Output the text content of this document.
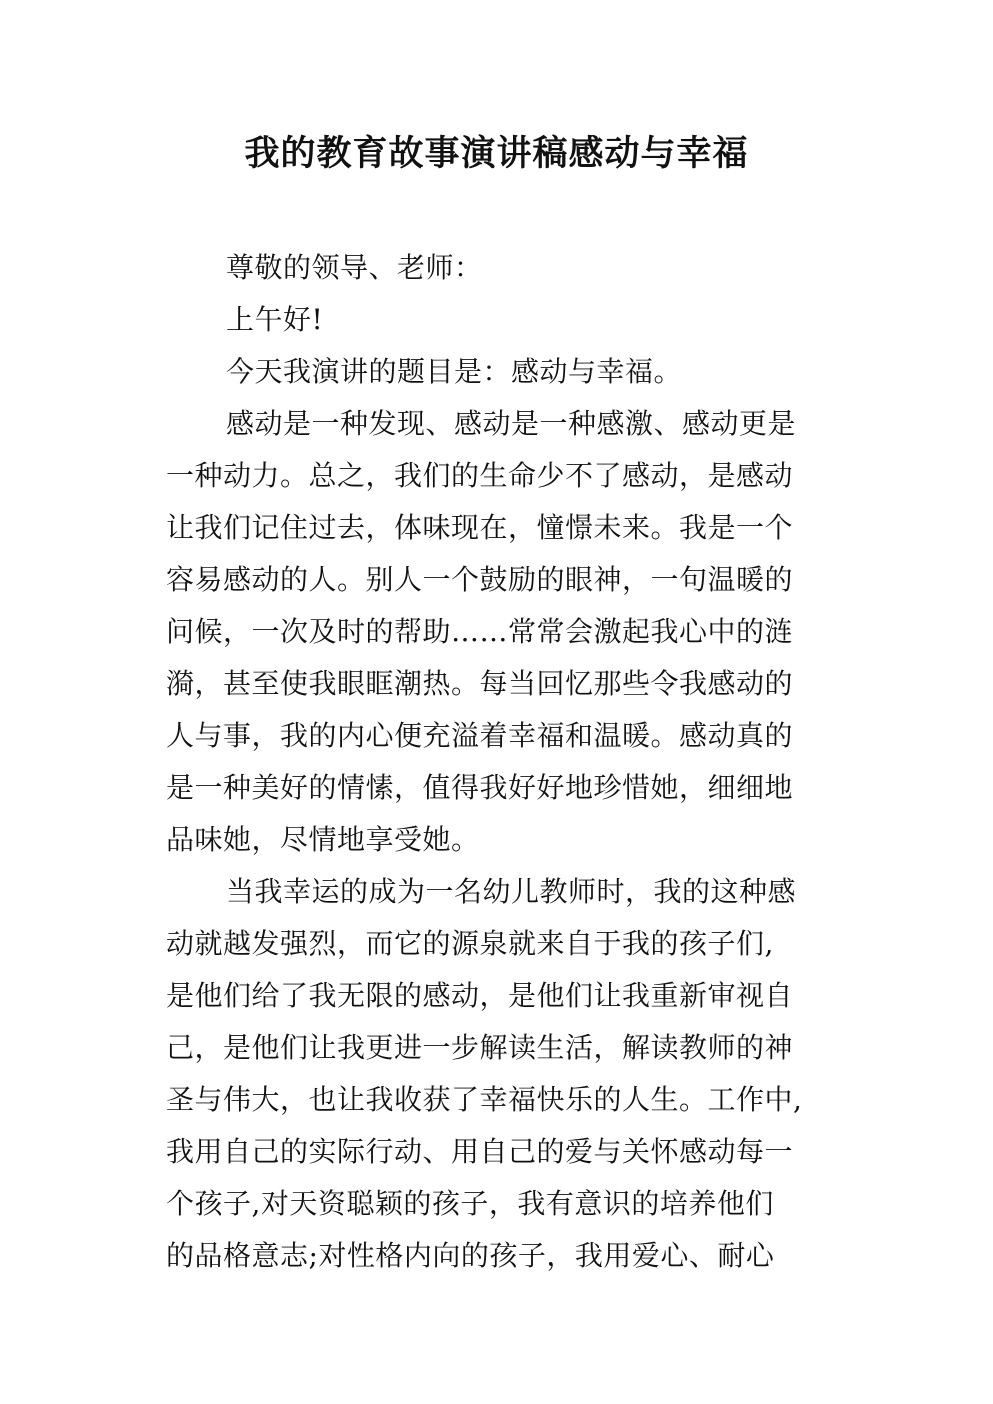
我的教育故事演讲稿感动与幸福
尊敬的领导、老师：
上午好!
今天我演讲的题目是：感动与幸福。
感动是一种发现、感动是一种感激、感动更是
一种动力。总之，我们的生命少不了感动，是感动
让我们记住过去，体味现在，憧憬未来。我是一个
容易感动的人。别人一个鼓励的眼神，一句温暖的
问候，一次及时的帮助……常常会激起我心中的涟
漪，甚至使我眼眶潮热。每当回忆那些令我感动的
人与事，我的内心便充溢着幸福和温暖。感动真的
是一种美好的情愫，值得我好好地珍惜她，细细地
品味她，尽情地享受她。
当我幸运的成为一名幼儿教师时，我的这种感
动就越发强烈，而它的源泉就来自于我的孩子们,
是他们给了我无限的感动，是他们让我重新审视自
己，是他们让我更进一步解读生活，解读教师的神
圣与伟大，也让我收获了幸福快乐的人生。工作中,
我用自己的实际行动、用自己的爱与关怀感动每一
个孩子,对天资聪颖的孩子，我有意识的培养他们
的品格意志;对性格内向的孩子，我用爱心、耐心
